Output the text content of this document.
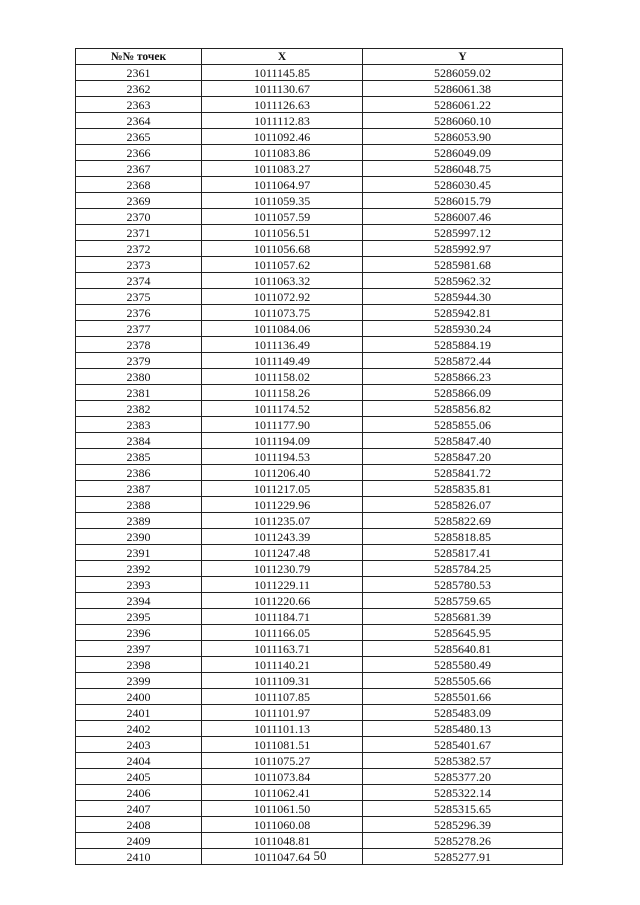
№№ точек	X	Y
2361	1011145.85	5286059.02
2362	1011130.67	5286061.38
2363	1011126.63	5286061.22
2364	1011112.83	5286060.10
2365	1011092.46	5286053.90
2366	1011083.86	5286049.09
2367	1011083.27	5286048.75
2368	1011064.97	5286030.45
2369	1011059.35	5286015.79
2370	1011057.59	5286007.46
2371	1011056.51	5285997.12
2372	1011056.68	5285992.97
2373	1011057.62	5285981.68
2374	1011063.32	5285962.32
2375	1011072.92	5285944.30
2376	1011073.75	5285942.81
2377	1011084.06	5285930.24
2378	1011136.49	5285884.19
2379	1011149.49	5285872.44
2380	1011158.02	5285866.23
2381	1011158.26	5285866.09
2382	1011174.52	5285856.82
2383	1011177.90	5285855.06
2384	1011194.09	5285847.40
2385	1011194.53	5285847.20
2386	1011206.40	5285841.72
2387	1011217.05	5285835.81
2388	1011229.96	5285826.07
2389	1011235.07	5285822.69
2390	1011243.39	5285818.85
2391	1011247.48	5285817.41
2392	1011230.79	5285784.25
2393	1011229.11	5285780.53
2394	1011220.66	5285759.65
2395	1011184.71	5285681.39
2396	1011166.05	5285645.95
2397	1011163.71	5285640.81
2398	1011140.21	5285580.49
2399	1011109.31	5285505.66
2400	1011107.85	5285501.66
2401	1011101.97	5285483.09
2402	1011101.13	5285480.13
2403	1011081.51	5285401.67
2404	1011075.27	5285382.57
2405	1011073.84	5285377.20
2406	1011062.41	5285322.14
2407	1011061.50	5285315.65
2408	1011060.08	5285296.39
2409	1011048.81	5285278.26
2410	1011047.64	5285277.91
50
